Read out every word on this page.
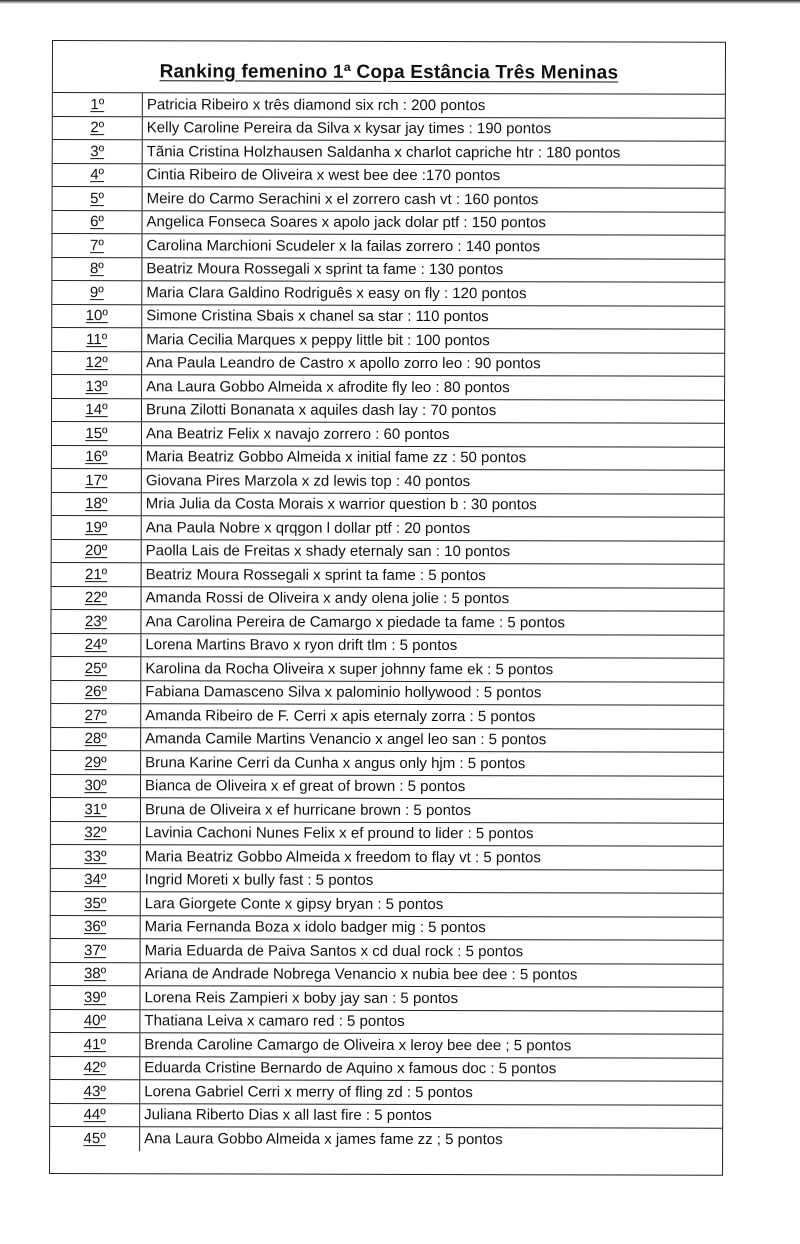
Ranking femenino 1ª Copa Estância Três Meninas
1º	Patricia Ribeiro x três diamond six rch : 200 pontos
2º	Kelly Caroline Pereira da Silva x kysar jay times : 190 pontos
3º	Tãnia Cristina Holzhausen Saldanha x charlot capriche htr : 180 pontos
4º	Cintia Ribeiro de Oliveira x west bee dee :170 pontos
5º	Meire do Carmo Serachini x el zorrero cash vt : 160 pontos
6º	Angelica Fonseca Soares x apolo jack dolar ptf : 150 pontos
7º	Carolina Marchioni Scudeler x la failas zorrero : 140 pontos
8º	Beatriz Moura Rossegali x sprint ta fame : 130 pontos
9º	Maria Clara Galdino Rodriguês x easy on fly : 120 pontos
10º	Simone Cristina Sbais x chanel sa star : 110 pontos
11º	Maria Cecilia Marques x peppy little bit : 100 pontos
12º	Ana Paula Leandro de Castro x apollo zorro leo : 90 pontos
13º	Ana Laura Gobbo Almeida x afrodite fly leo : 80 pontos
14º	Bruna Zilotti Bonanata x aquiles dash lay : 70 pontos
15º	Ana Beatriz Felix x navajo zorrero : 60 pontos
16º	Maria Beatriz Gobbo Almeida x initial fame zz : 50 pontos
17º	Giovana Pires Marzola x zd lewis top : 40 pontos
18º	Mria Julia da Costa Morais x warrior question b : 30 pontos
19º	Ana Paula Nobre x qrqgon l dollar ptf : 20 pontos
20º	Paolla Lais de Freitas x shady eternaly san : 10 pontos
21º	Beatriz Moura Rossegali x sprint ta fame : 5 pontos
22º	Amanda Rossi de Oliveira x andy olena jolie : 5 pontos
23º	Ana Carolina Pereira de Camargo x piedade ta fame : 5 pontos
24º	Lorena Martins Bravo x ryon drift tlm : 5 pontos
25º	Karolina da Rocha Oliveira x super johnny fame ek : 5 pontos
26º	Fabiana Damasceno Silva x palominio hollywood : 5 pontos
27º	Amanda Ribeiro de F. Cerri x apis eternaly zorra : 5 pontos
28º	Amanda Camile Martins Venancio x angel leo san : 5 pontos
29º	Bruna Karine Cerri da Cunha x angus only hjm : 5 pontos
30º	Bianca de Oliveira x ef great of brown : 5 pontos
31º	Bruna de Oliveira x ef hurricane brown : 5 pontos
32º	Lavinia Cachoni Nunes Felix x ef pround to lider : 5 pontos
33º	Maria Beatriz Gobbo Almeida x freedom to flay vt : 5 pontos
34º	Ingrid Moreti x bully fast : 5 pontos
35º	Lara Giorgete Conte x gipsy bryan : 5 pontos
36º	Maria Fernanda Boza x idolo badger mig : 5 pontos
37º	Maria Eduarda de Paiva Santos x cd dual rock : 5 pontos
38º	Ariana de Andrade Nobrega Venancio x nubia bee dee : 5 pontos
39º	Lorena Reis Zampieri x boby jay san : 5 pontos
40º	Thatiana Leiva x camaro red : 5 pontos
41º	Brenda Caroline Camargo de Oliveira x leroy bee dee ; 5 pontos
42º	Eduarda Cristine Bernardo de Aquino x famous doc : 5 pontos
43º	Lorena Gabriel Cerri x merry of fling zd : 5 pontos
44º	Juliana Riberto Dias x all last fire : 5 pontos
45º	Ana Laura Gobbo Almeida x james fame zz ; 5 pontos
